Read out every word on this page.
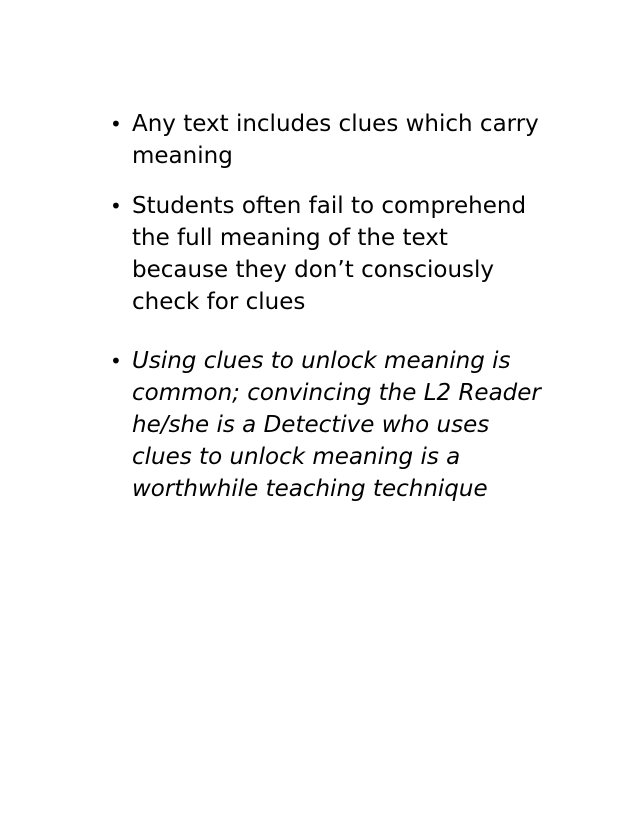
• Any text includes clues which carry meaning
• Students often fail to comprehend the full meaning of the text because they don’t consciously check for clues
• Using clues to unlock meaning is common; convincing the L2 Reader he/she is a Detective who uses clues to unlock meaning is a worthwhile teaching technique
